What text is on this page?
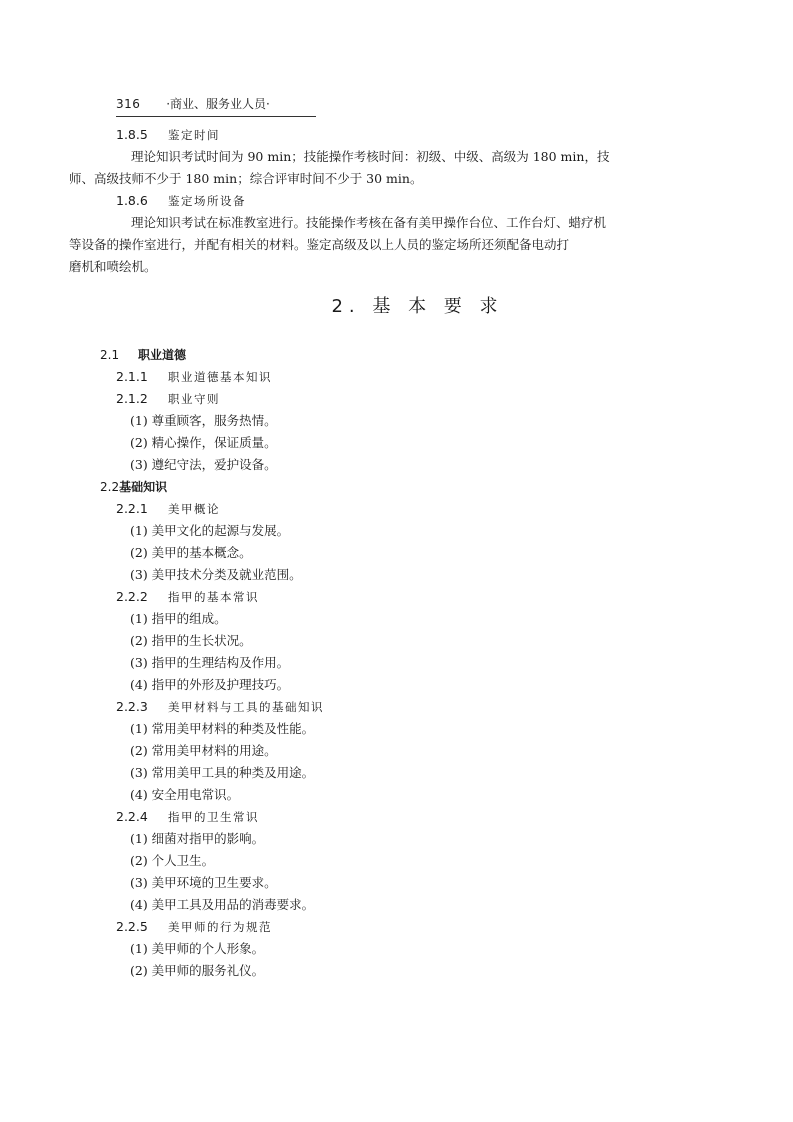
316 ·商业、服务业人员·
1.8.5 鉴定时间
理论知识考试时间为 90 min；技能操作考核时间：初级、中级、高级为 180 min，技
师、高级技师不少于 180 min；综合评审时间不少于 30 min。
1.8.6 鉴定场所设备
理论知识考试在标准教室进行。技能操作考核在备有美甲操作台位、工作台灯、蜡疗机
等设备的操作室进行，并配有相关的材料。鉴定高级及以上人员的鉴定场所还须配备电动打
磨机和喷绘机。
2. 基 本 要 求
2.1 职业道德
2.1.1 职业道德基本知识
2.1.2 职业守则
(1) 尊重顾客，服务热情。
(2) 精心操作，保证质量。
(3) 遵纪守法，爱护设备。
2.2基础知识
2.2.1 美甲概论
(1) 美甲文化的起源与发展。
(2) 美甲的基本概念。
(3) 美甲技术分类及就业范围。
2.2.2 指甲的基本常识
(1) 指甲的组成。
(2) 指甲的生长状况。
(3) 指甲的生理结构及作用。
(4) 指甲的外形及护理技巧。
2.2.3 美甲材料与工具的基础知识
(1) 常用美甲材料的种类及性能。
(2) 常用美甲材料的用途。
(3) 常用美甲工具的种类及用途。
(4) 安全用电常识。
2.2.4 指甲的卫生常识
(1) 细菌对指甲的影响。
(2) 个人卫生。
(3) 美甲环境的卫生要求。
(4) 美甲工具及用品的消毒要求。
2.2.5 美甲师的行为规范
(1) 美甲师的个人形象。
(2) 美甲师的服务礼仪。
